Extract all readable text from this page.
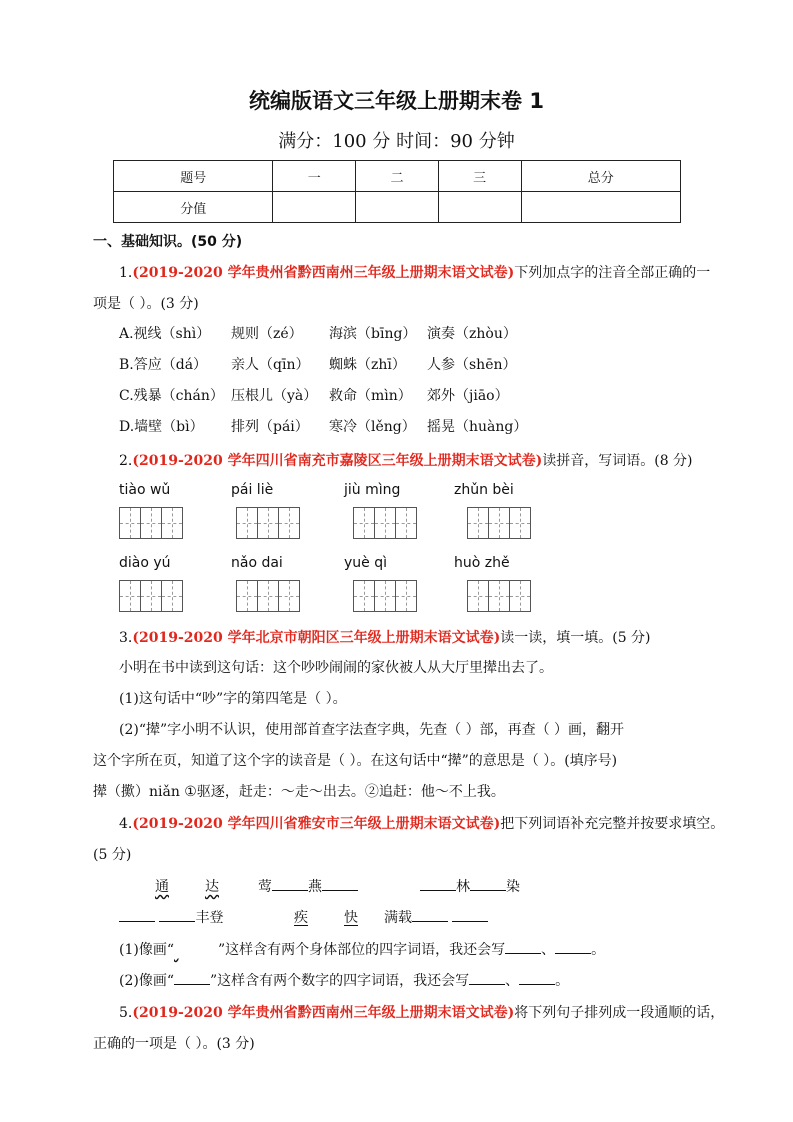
统编版语文三年级上册期末卷 1
满分：100 分 时间：90 分钟
题号	一	二	三	总分
分值				
一、基础知识。(50 分)
1.(2019-2020 学年贵州省黔西南州三年级上册期末语文试卷)下列加点字的注音全部正确的一
项是（ ）。(3 分)
A.视线（shì） 规则（zé） 海滨（bīng） 演奏（zhòu）
B.答应（dá） 亲人（qīn） 蜘蛛（zhī） 人参（shēn）
C.残暴（chán） 压根儿（yà） 救命（mìn） 郊外（jiāo）
D.墙壁（bì） 排列（pái） 寒冷（lěng） 摇晃（huàng）
2.(2019-2020 学年四川省南充市嘉陵区三年级上册期末语文试卷)读拼音，写词语。(8 分)
tiào wǔ	pái liè	jiù mìng	zhǔn bèi
diào yú	nǎo dai	yuè qì	huò zhě
3.(2019-2020 学年北京市朝阳区三年级上册期末语文试卷)读一读，填一填。(5 分)
小明在书中读到这句话：这个吵吵闹闹的家伙被人从大厅里撵出去了。
(1)这句话中“吵”字的第四笔是（ ）。
(2)“撵”字小明不认识，使用部首查字法查字典，先查（ ）部，再查（ ）画，翻开
这个字所在页，知道了这个字的读音是（ ）。在这句话中“撵”的意思是（ ）。(填序号)
撵（擹）niǎn ①驱逐，赶走：～走～出去。②追赶：他～不上我。
4.(2019-2020 学年四川省雅安市三年级上册期末语文试卷)把下列词语补充完整并按要求填空。
(5 分)
通	达	莺	燕	林	染
丰登	疾	快 满载
(1)像画“	”这样含有两个身体部位的四字词语，我还会写	、	。
(2)像画“	”这样含有两个数字的四字词语，我还会写	、	。
5.(2019-2020 学年贵州省黔西南州三年级上册期末语文试卷)将下列句子排列成一段通顺的话，
正确的一项是（ ）。(3 分)
